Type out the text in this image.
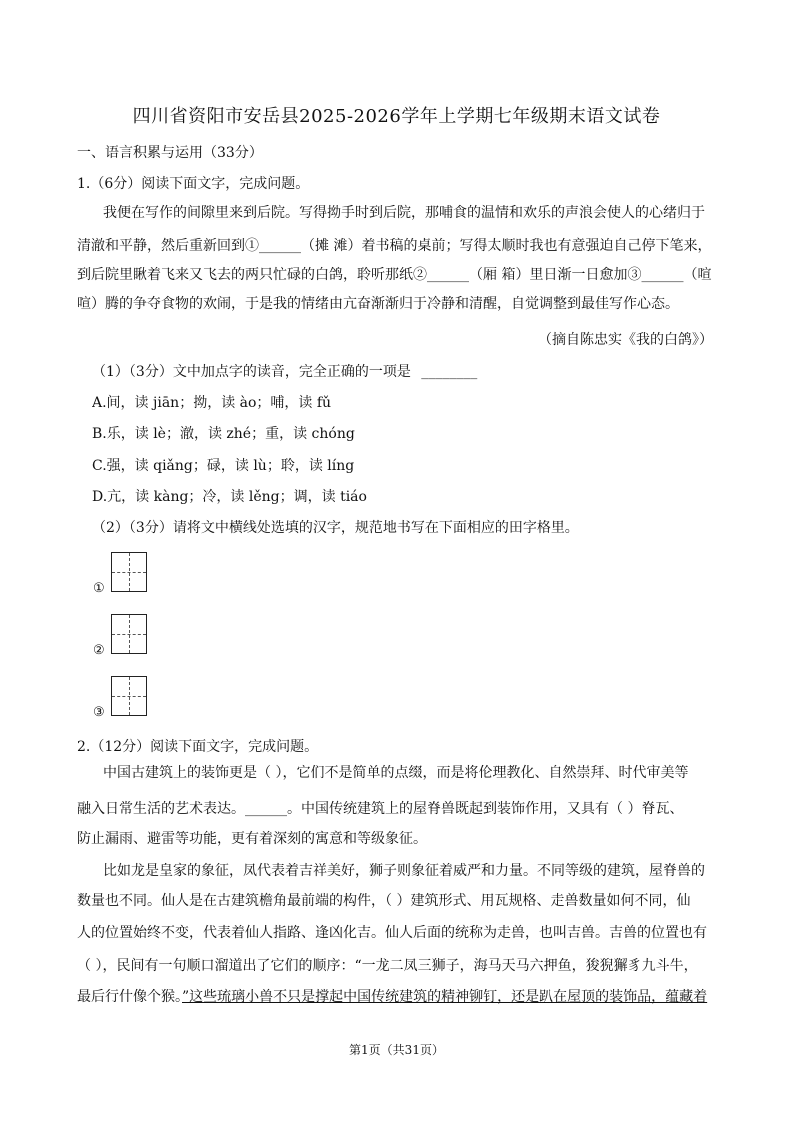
四川省资阳市安岳县2025-2026学年上学期七年级期末语文试卷
一、语言积累与运用（33分）
1.（6分）阅读下面文字，完成问题。
我便在写作的间隙里来到后院。写得拗手时到后院，那哺食的温情和欢乐的声浪会使人的心绪归于
清澈和平静，然后重新回到①______（摊 滩）着书稿的桌前；写得太顺时我也有意强迫自己停下笔来，
到后院里瞅着飞来又飞去的两只忙碌的白鸽，聆听那纸②______（厢 箱）里日渐一日愈加③______（喧
喧）腾的争夺食物的欢闹，于是我的情绪由亢奋渐渐归于冷静和清醒，自觉调整到最佳写作心态。
（摘自陈忠实《我的白鸽》）
（1）（3分）文中加点字的读音，完全正确的一项是 ________
A.间，读 jiān；拗，读 ào；哺，读 fǔ
B.乐，读 lè；澈，读 zhé；重，读 chóng
C.强，读 qiǎng；碌，读 lù；聆，读 líng
D.亢，读 kàng；冷，读 lěng；调，读 tiáo
（2）（3分）请将文中横线处选填的汉字，规范地书写在下面相应的田字格里。
①
②
③
2.（12分）阅读下面文字，完成问题。
中国古建筑上的装饰更是（ ），它们不是简单的点缀，而是将伦理教化、自然崇拜、时代审美等
融入日常生活的艺术表达。______。中国传统建筑上的屋脊兽既起到装饰作用，又具有（ ）脊瓦、
防止漏雨、避雷等功能，更有着深刻的寓意和等级象征。
比如龙是皇家的象征，凤代表着吉祥美好，狮子则象征着威严和力量。不同等级的建筑，屋脊兽的
数量也不同。仙人是在古建筑檐角最前端的构件，（ ）建筑形式、用瓦规格、走兽数量如何不同，仙
人的位置始终不变，代表着仙人指路、逢凶化吉。仙人后面的统称为走兽，也叫吉兽。吉兽的位置也有
（ ），民间有一句顺口溜道出了它们的顺序：“一龙二凤三狮子，海马天马六押鱼，狻猊獬豸九斗牛，
最后行什像个猴。”这些琉璃小兽不只是撑起中国传统建筑的精神铆钉，还是趴在屋顶的装饰品，蕴藏着
第1页（共31页）
